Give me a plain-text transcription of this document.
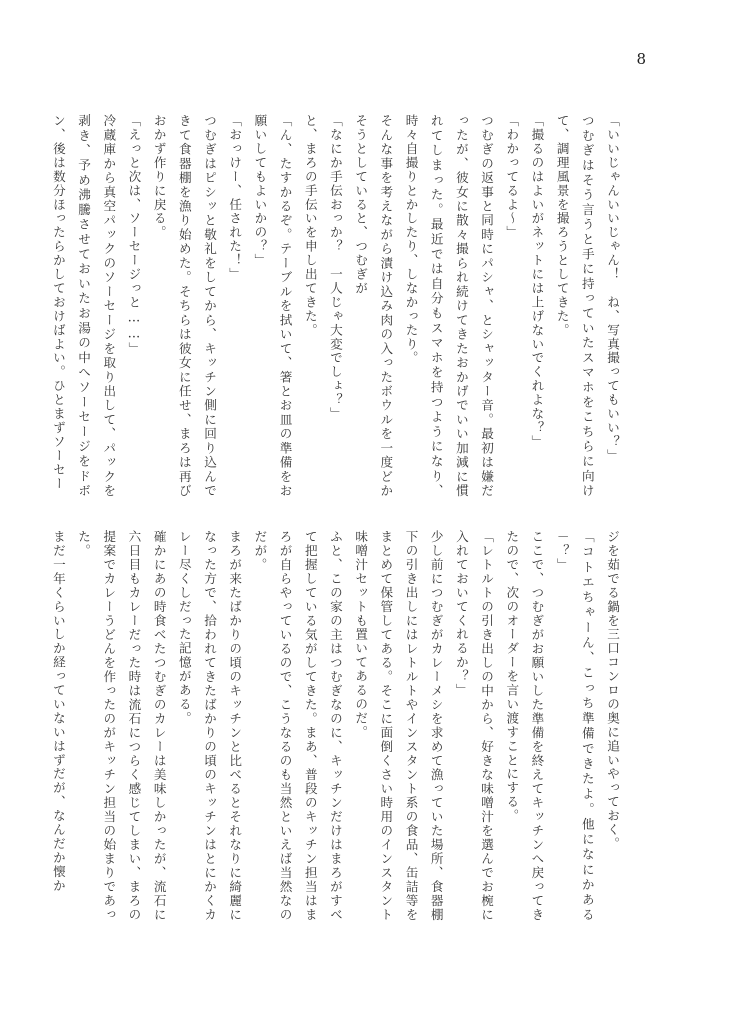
8

「いいじゃんいいじゃん！　ね、写真撮ってもいい？」

つむぎはそう言うと手に持っていたスマホをこちらに向けて、調理風景を撮ろうとしてきた。

「撮るのはよいがネットには上げないでくれよな？」

「わかってるよ～」

つむぎの返事と同時にパシャ、とシャッター音。最初は嫌だったが、彼女に散々撮られ続けてきたおかげでいい加減に慣れてしまった。最近では自分もスマホを持つようになり、時々自撮りとかしたり、しなかったり。

そんな事を考えながら漬け込み肉の入ったボウルを一度どかそうとしていると、つむぎが

「なにか手伝おっか？　一人じゃ大変でしょ？」

と、まろの手伝いを申し出てきた。

「ん、たすかるぞ。テーブルを拭いて、箸とお皿の準備をお願いしてもよいかの？」

「おっけー、任された！」

つむぎはピシッと敬礼をしてから、キッチン側に回り込んできて食器棚を漁り始めた。そちらは彼女に任せ、まろは再びおかず作りに戻る。

「えっと次は、ソーセージっと……」

冷蔵庫から真空パックのソーセージを取り出して、パックを剥き、予め沸騰させておいたお湯の中へソーセージをドボン、後は数分ほったらかしておけばよい。ひとまずソーセー

ジを茹でる鍋を三口コンロの奥に追いやっておく。

「コトエちゃーん、こっち準備できたよ。他になにかある－？」

ここで、つむぎがお願いした準備を終えてキッチンへ戻ってきたので、次のオーダーを言い渡すことにする。

「レトルトの引き出しの中から、好きな味噌汁を選んでお椀に入れておいてくれるか？」

少し前につむぎがカレーメシを求めて漁っていた場所、食器棚下の引き出しにはレトルトやインスタント系の食品、缶詰等をまとめて保管してある。そこに面倒くさい時用のインスタント味噌汁セットも置いてあるのだ。

ふと、この家の主はつむぎなのに、キッチンだけはまろがすべて把握している気がしてきた。まあ、普段のキッチン担当はまろが自らやっているので、こうなるのも当然といえば当然なのだが。

まろが来たばかりの頃のキッチンと比べるとそれなりに綺麗になった方で、拾われてきたばかりの頃のキッチンはとにかくカレー尽くしだった記憶がある。

確かにあの時食べたつむぎのカレーは美味しかったが、流石に六日目もカレーだった時は流石につらく感じてしまい、まろの提案でカレーうどんを作ったのがキッチン担当の始まりであった。

まだ一年くらいしか経っていないはずだが、なんだか懐か
